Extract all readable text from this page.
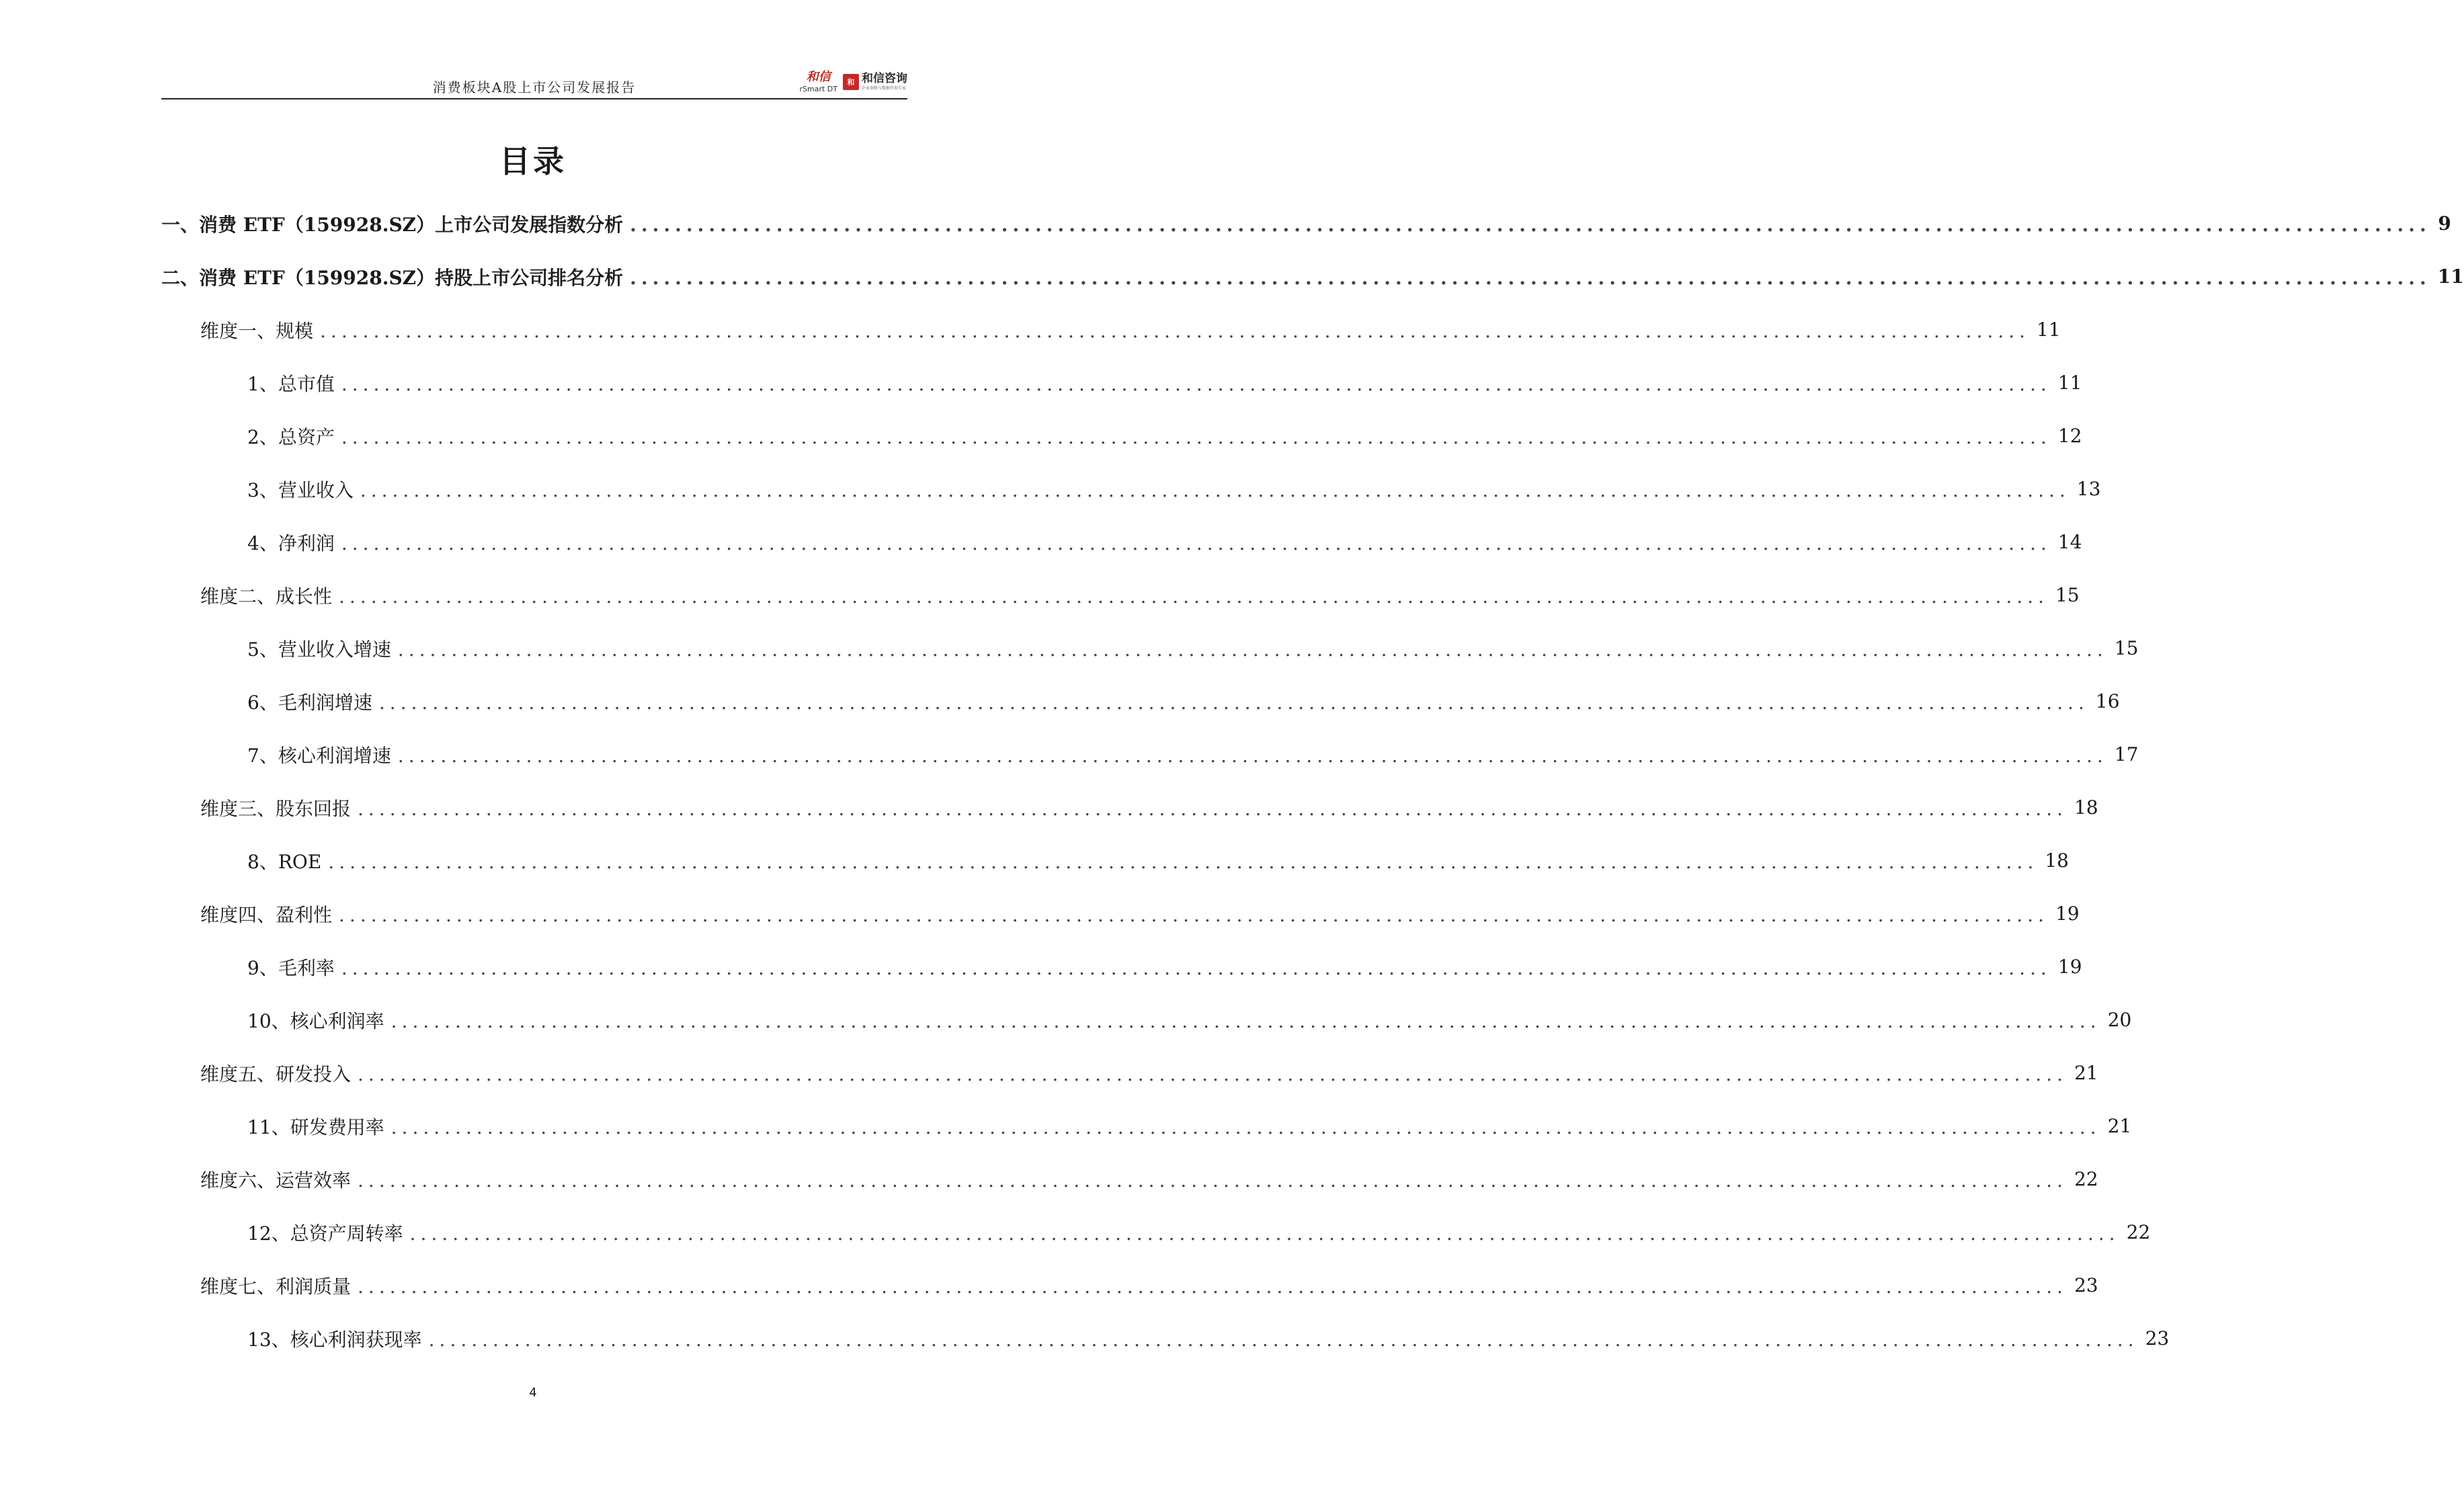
消费板块A股上市公司发展报告
和信
rSmart DT
和 和信咨询
企业洞察与数据咨询专家
目录
一、消费 ETF（159928.SZ）上市公司发展指数分析 ................................................................................................................................................................ 9
二、消费 ETF（159928.SZ）持股上市公司排名分析 ................................................................................................................................................................ 11
维度一、规模 ................................................................................................................................................................ 11
1、总市值 ................................................................................................................................................................ 11
2、总资产 ................................................................................................................................................................ 12
3、营业收入 ................................................................................................................................................................ 13
4、净利润 ................................................................................................................................................................ 14
维度二、成长性 ................................................................................................................................................................ 15
5、营业收入增速 ................................................................................................................................................................ 15
6、毛利润增速 ................................................................................................................................................................ 16
7、核心利润增速 ................................................................................................................................................................ 17
维度三、股东回报 ................................................................................................................................................................ 18
8、ROE ................................................................................................................................................................ 18
维度四、盈利性 ................................................................................................................................................................ 19
9、毛利率 ................................................................................................................................................................ 19
10、核心利润率 ................................................................................................................................................................ 20
维度五、研发投入 ................................................................................................................................................................ 21
11、研发费用率 ................................................................................................................................................................ 21
维度六、运营效率 ................................................................................................................................................................ 22
12、总资产周转率 ................................................................................................................................................................ 22
维度七、利润质量 ................................................................................................................................................................ 23
13、核心利润获现率 ................................................................................................................................................................ 23
4
